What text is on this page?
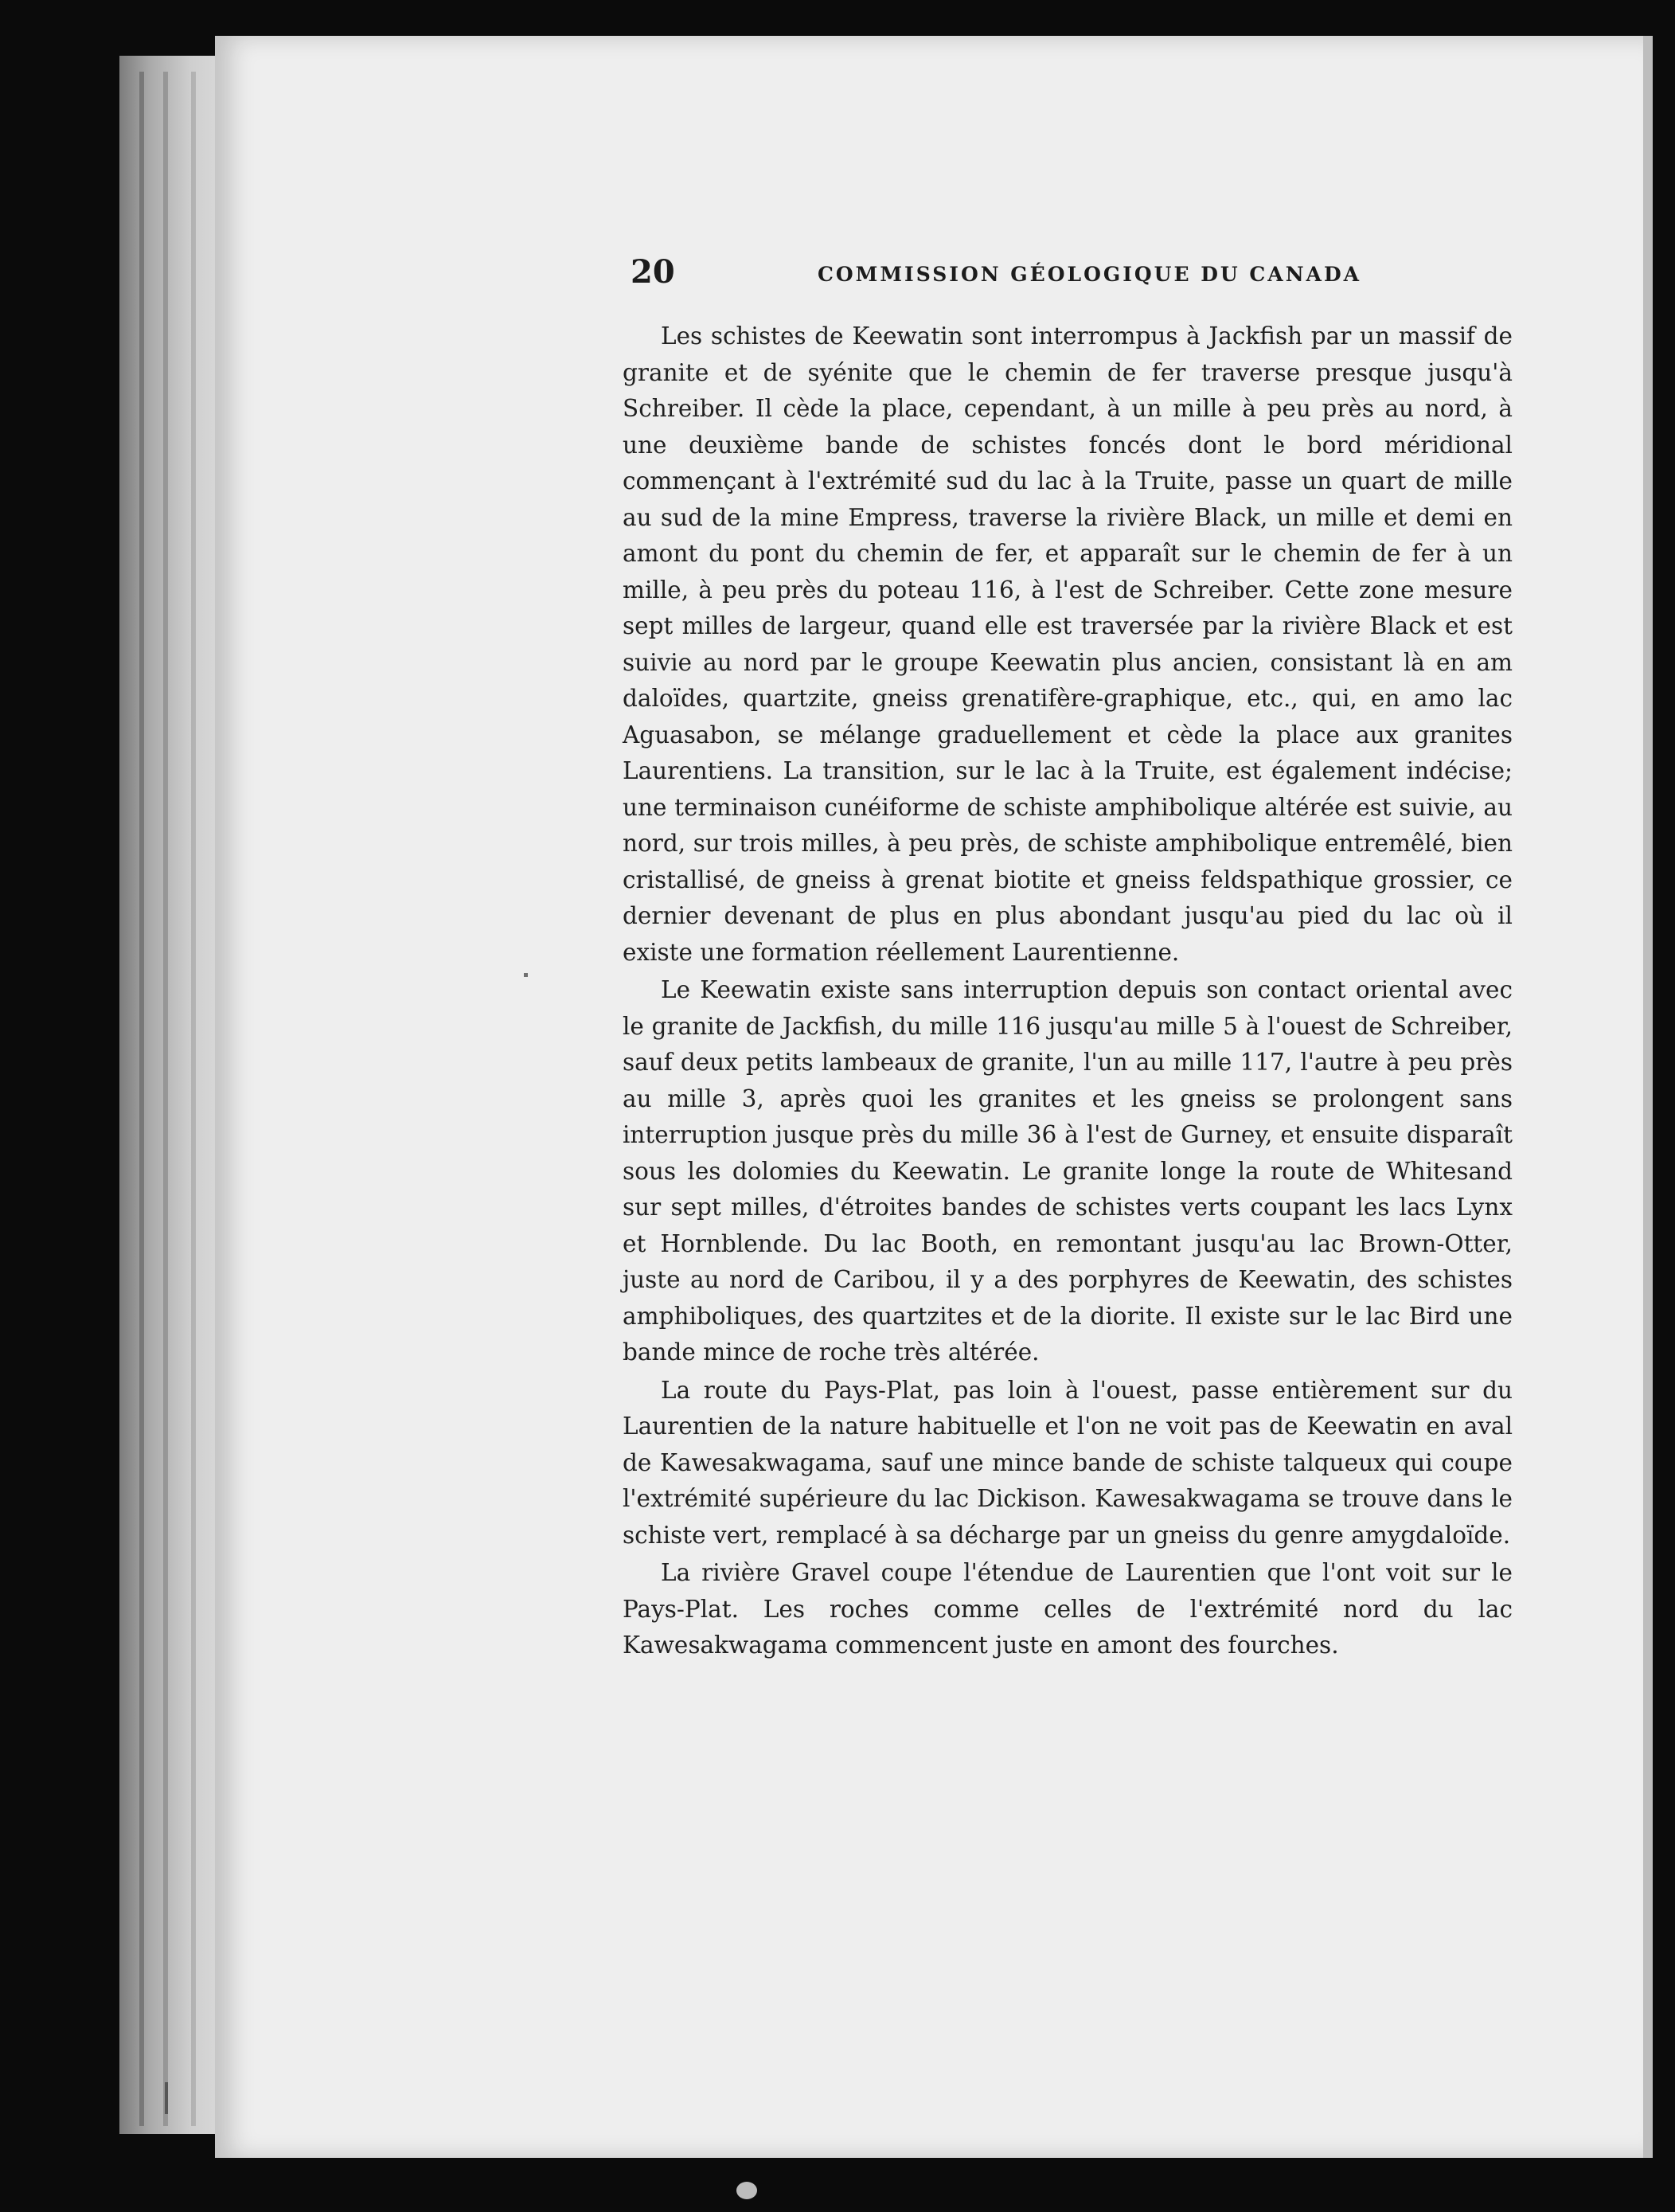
20	COMMISSION GÉOLOGIQUE DU CANADA

Les schistes de Keewatin sont interrompus à Jackfish par un massif de granite et de syénite que le chemin de fer traverse presque jusqu'à Schreiber. Il cède la place, cependant, à un mille à peu près au nord, à une deuxième bande de schistes foncés dont le bord méridional commençant à l'extrémité sud du lac à la Truite, passe un quart de mille au sud de la mine Empress, traverse la rivière Black, un mille et demi en amont du pont du chemin de fer, et apparaît sur le chemin de fer à un mille, à peu près du poteau 116, à l'est de Schreiber. Cette zone mesure sept milles de largeur, quand elle est traversée par la rivière Black et est suivie au nord par le groupe Keewatin plus ancien, consistant là en am daloïdes, quartzite, gneiss grenatifère-graphique, etc., qui, en amo lac Aguasabon, se mélange graduellement et cède la place aux granites Laurentiens. La transition, sur le lac à la Truite, est également indécise; une terminaison cunéiforme de schiste amphibolique altérée est suivie, au nord, sur trois milles, à peu près, de schiste amphibolique entremêlé, bien cristallisé, de gneiss à grenat biotite et gneiss feldspathique grossier, ce dernier devenant de plus en plus abondant jusqu'au pied du lac où il existe une formation réellement Laurentienne.

Le Keewatin existe sans interruption depuis son contact oriental avec le granite de Jackfish, du mille 116 jusqu'au mille 5 à l'ouest de Schreiber, sauf deux petits lambeaux de granite, l'un au mille 117, l'autre à peu près au mille 3, après quoi les granites et les gneiss se prolongent sans interruption jusque près du mille 36 à l'est de Gurney, et ensuite disparaît sous les dolomies du Keewatin. Le granite longe la route de Whitesand sur sept milles, d'étroites bandes de schistes verts coupant les lacs Lynx et Hornblende. Du lac Booth, en remontant jusqu'au lac Brown-Otter, juste au nord de Caribou, il y a des porphyres de Keewatin, des schistes amphiboliques, des quartzites et de la diorite. Il existe sur le lac Bird une bande mince de roche très altérée.

La route du Pays-Plat, pas loin à l'ouest, passe entièrement sur du Laurentien de la nature habituelle et l'on ne voit pas de Keewatin en aval de Kawesakwagama, sauf une mince bande de schiste talqueux qui coupe l'extrémité supérieure du lac Dickison. Kawesakwagama se trouve dans le schiste vert, remplacé à sa décharge par un gneiss du genre amygdaloïde.

La rivière Gravel coupe l'étendue de Laurentien que l'ont voit sur le Pays-Plat. Les roches comme celles de l'extrémité nord du lac Kawesakwagama commencent juste en amont des fourches.
